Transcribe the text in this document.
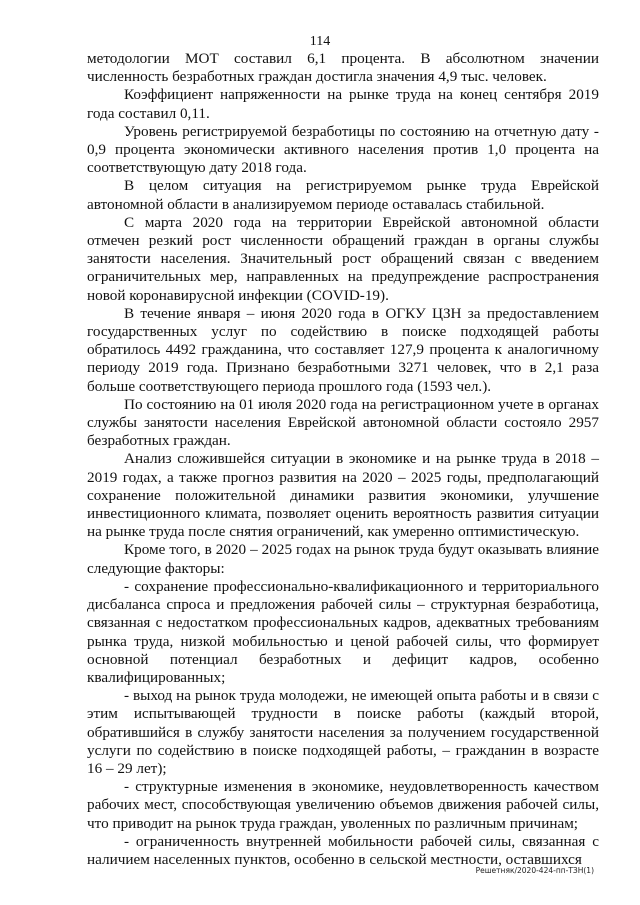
114

методологии МОТ составил 6,1 процента. В абсолютном значении численность безработных граждан достигла значения 4,9 тыс. человек.

Коэффициент напряженности на рынке труда на конец сентября 2019 года составил 0,11.

Уровень регистрируемой безработицы по состоянию на отчетную дату - 0,9 процента экономически активного населения против 1,0 процента на соответствующую дату 2018 года.

В целом ситуация на регистрируемом рынке труда Еврейской автономной области в анализируемом периоде оставалась стабильной.

С марта 2020 года на территории Еврейской автономной области отмечен резкий рост численности обращений граждан в органы службы занятости населения. Значительный рост обращений связан с введением ограничительных мер, направленных на предупреждение распространения новой коронавирусной инфекции (COVID-19).

В течение января – июня 2020 года в ОГКУ ЦЗН за предоставлением государственных услуг по содействию в поиске подходящей работы обратилось 4492 гражданина, что составляет 127,9 процента к аналогичному периоду 2019 года. Признано безработными 3271 человек, что в 2,1 раза больше соответствующего периода прошлого года (1593 чел.).

По состоянию на 01 июля 2020 года на регистрационном учете в органах службы занятости населения Еврейской автономной области состояло 2957 безработных граждан.

Анализ сложившейся ситуации в экономике и на рынке труда в 2018 – 2019 годах, а также прогноз развития на 2020 – 2025 годы, предполагающий сохранение положительной динамики развития экономики, улучшение инвестиционного климата, позволяет оценить вероятность развития ситуации на рынке труда после снятия ограничений, как умеренно оптимистическую.

Кроме того, в 2020 – 2025 годах на рынок труда будут оказывать влияние следующие факторы:

- сохранение профессионально-квалификационного и территориального дисбаланса спроса и предложения рабочей силы – структурная безработица, связанная с недостатком профессиональных кадров, адекватных требованиям рынка труда, низкой мобильностью и ценой рабочей силы, что формирует основной потенциал безработных и дефицит кадров, особенно квалифицированных;

- выход на рынок труда молодежи, не имеющей опыта работы и в связи с этим испытывающей трудности в поиске работы (каждый второй, обратившийся в службу занятости населения за получением государственной услуги по содействию в поиске подходящей работы, – гражданин в возрасте 16 – 29 лет);

- структурные изменения в экономике, неудовлетворенность качеством рабочих мест, способствующая увеличению объемов движения рабочей силы, что приводит на рынок труда граждан, уволенных по различным причинам;

- ограниченность внутренней мобильности рабочей силы, связанная с наличием населенных пунктов, особенно в сельской местности, оставшихся

Решетняк/2020-424-пп-ТЗН(1)
